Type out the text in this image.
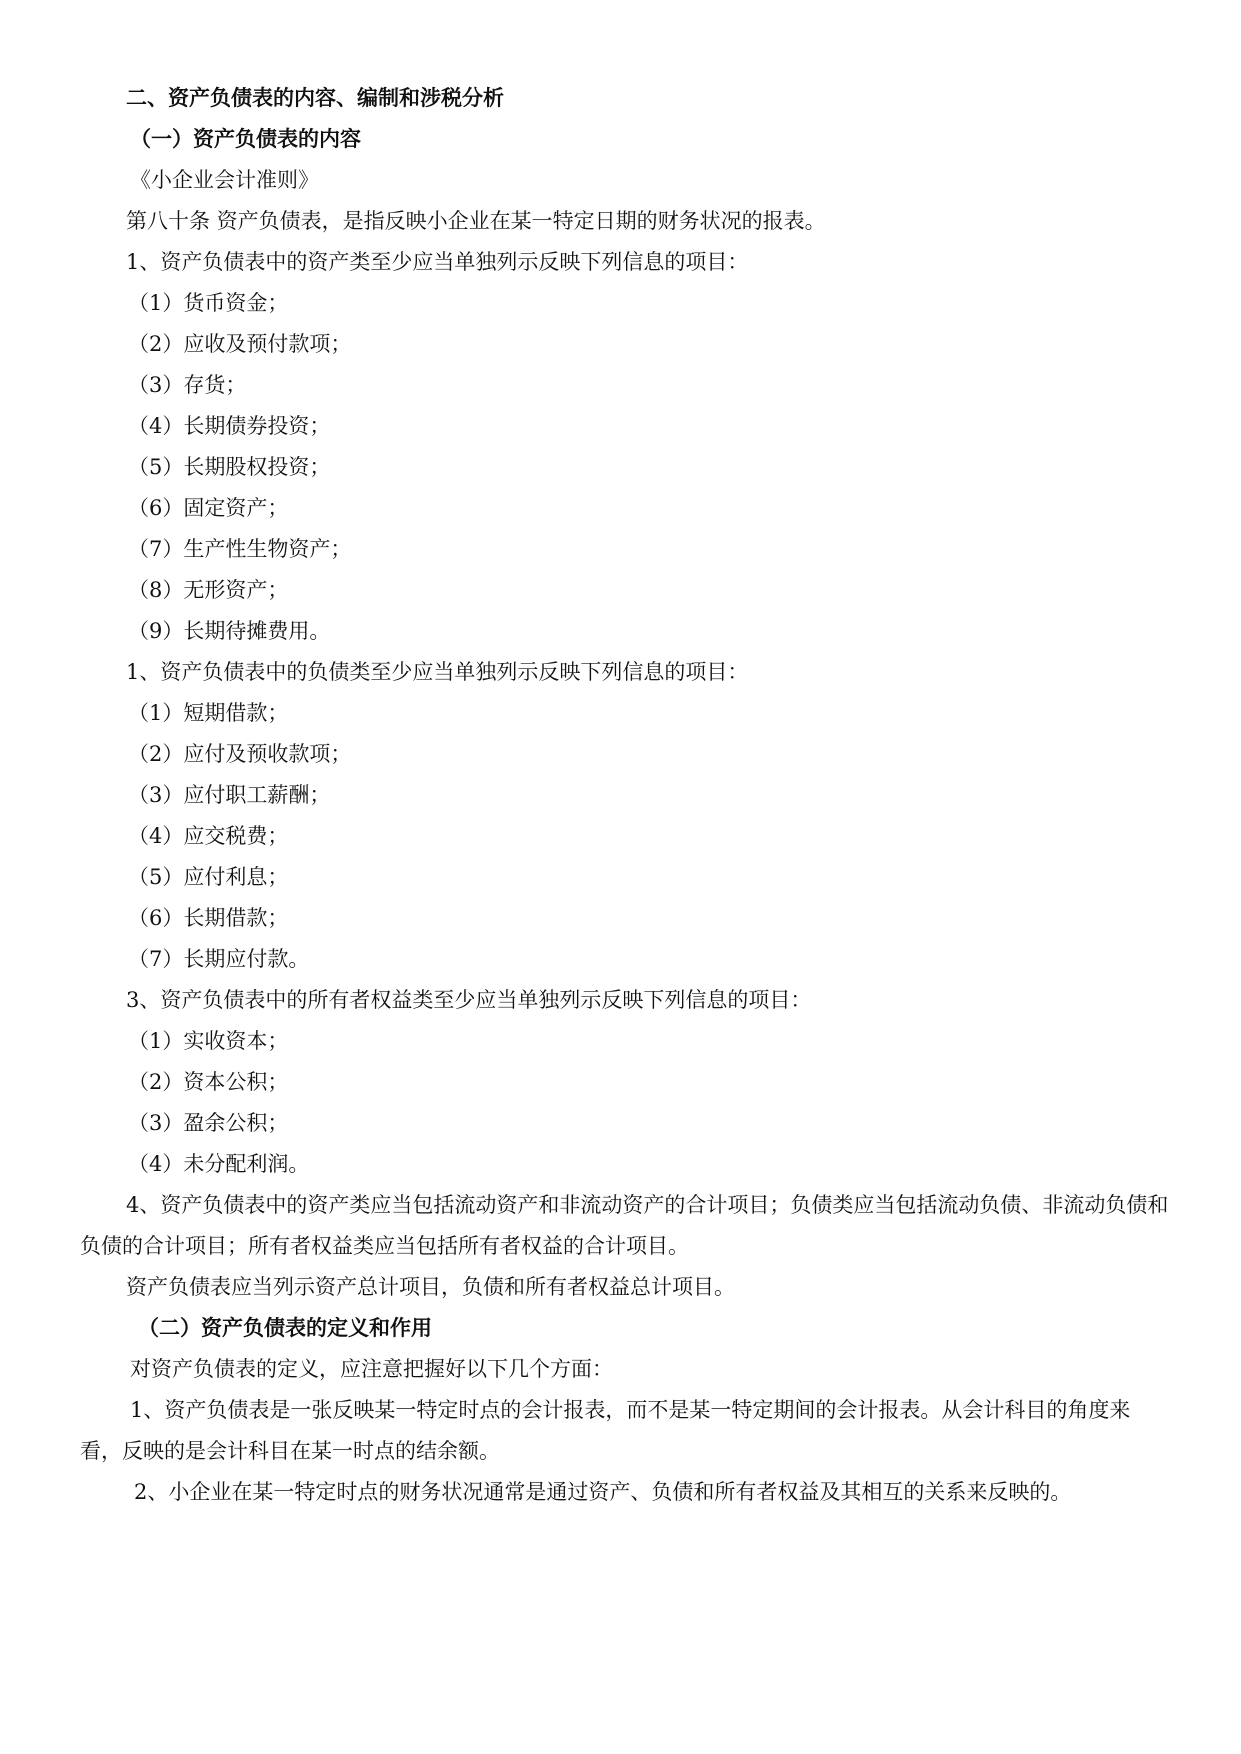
二、资产负债表的内容、编制和涉税分析

（一）资产负债表的内容

《小企业会计准则》

第八十条 资产负债表，是指反映小企业在某一特定日期的财务状况的报表。

1、资产负债表中的资产类至少应当单独列示反映下列信息的项目：

（1）货币资金；

（2）应收及预付款项；

（3）存货；

（4）长期债券投资；

（5）长期股权投资；

（6）固定资产；

（7）生产性生物资产；

（8）无形资产；

（9）长期待摊费用。

1、资产负债表中的负债类至少应当单独列示反映下列信息的项目：

（1）短期借款；

（2）应付及预收款项；

（3）应付职工薪酬；

（4）应交税费；

（5）应付利息；

（6）长期借款；

（7）长期应付款。

3、资产负债表中的所有者权益类至少应当单独列示反映下列信息的项目：

（1）实收资本；

（2）资本公积；

（3）盈余公积；

（4）未分配利润。

4、资产负债表中的资产类应当包括流动资产和非流动资产的合计项目；负债类应当包括流动负债、非流动负债和负债的合计项目；所有者权益类应当包括所有者权益的合计项目。

资产负债表应当列示资产总计项目，负债和所有者权益总计项目。

（二）资产负债表的定义和作用

对资产负债表的定义，应注意把握好以下几个方面：

1、资产负债表是一张反映某一特定时点的会计报表，而不是某一特定期间的会计报表。从会计科目的角度来看，反映的是会计科目在某一时点的结余额。

2、小企业在某一特定时点的财务状况通常是通过资产、负债和所有者权益及其相互的关系来反映的。
